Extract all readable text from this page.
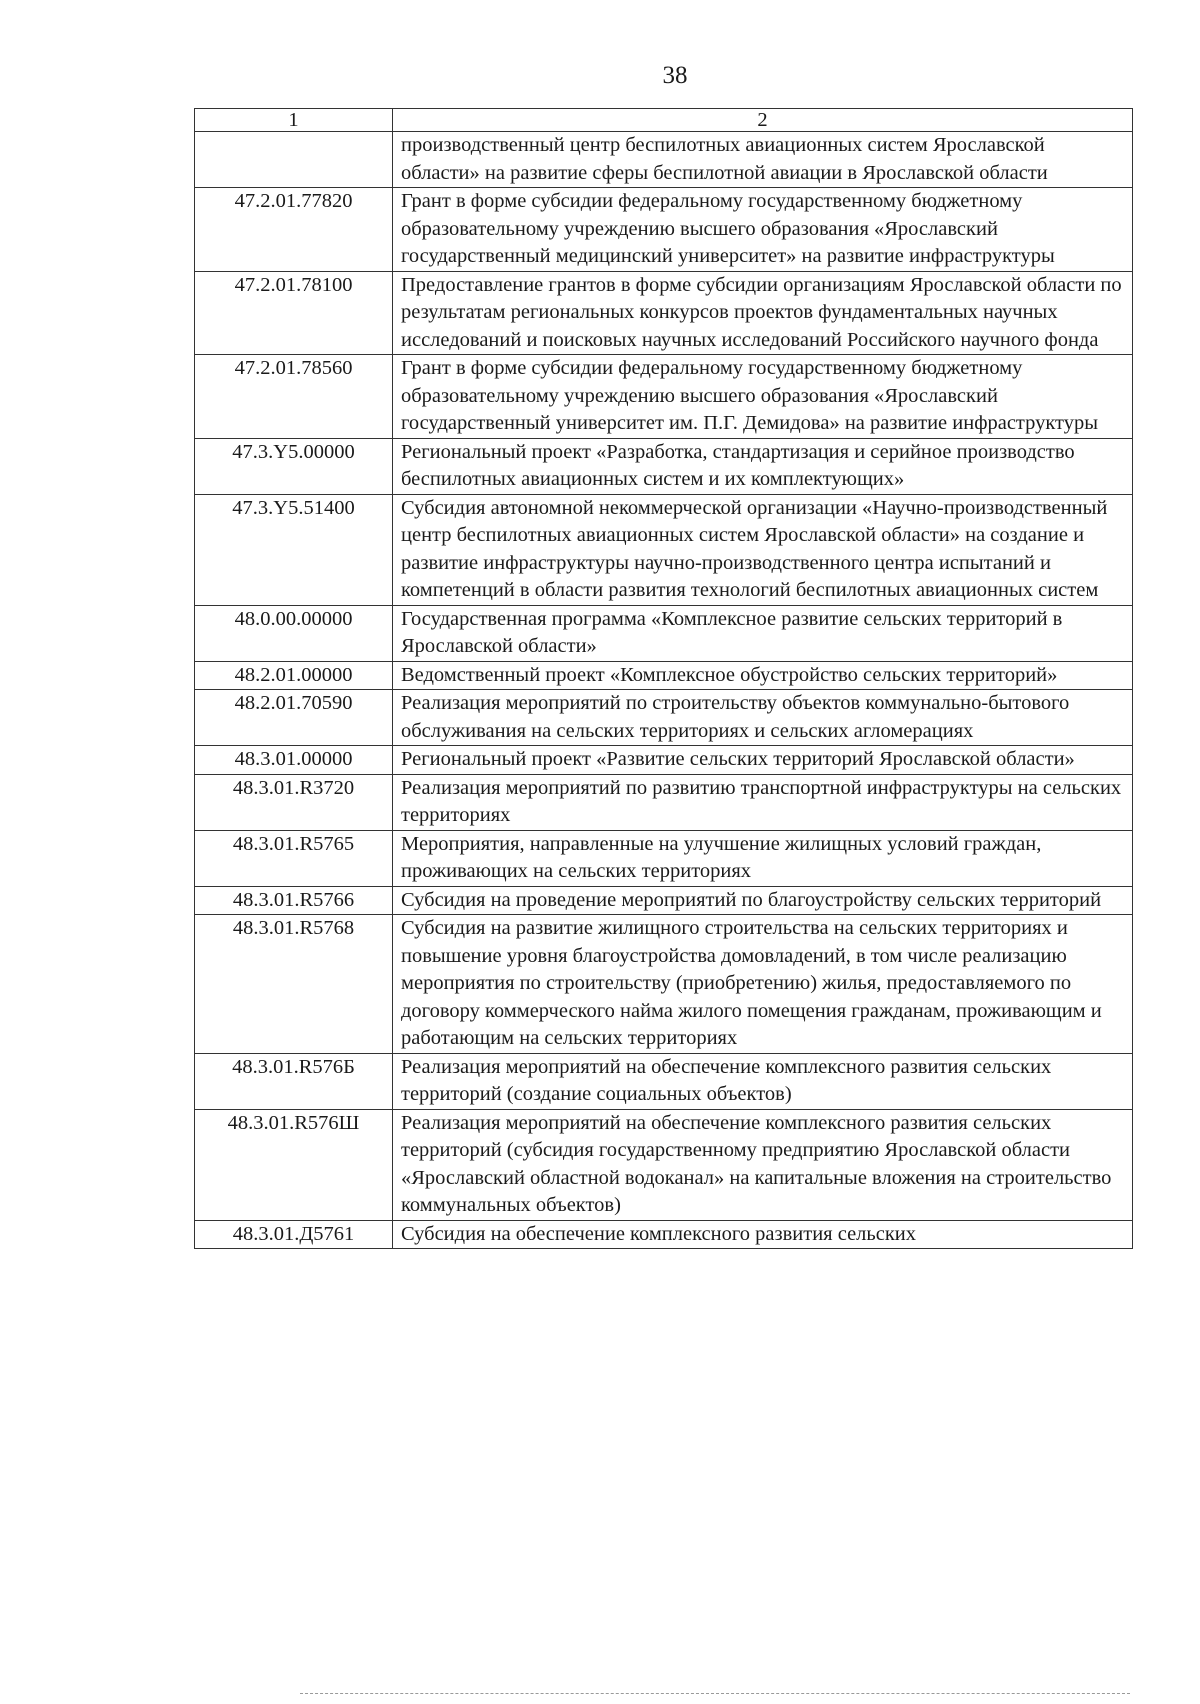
38
1	2
	производственный центр беспилотных авиационных систем Ярославской области» на развитие сферы беспилотной авиации в Ярославской области
47.2.01.77820	Грант в форме субсидии федеральному государственному бюджетному образовательному учреждению высшего образования «Ярославский государственный медицинский университет» на развитие инфраструктуры
47.2.01.78100	Предоставление грантов в форме субсидии организациям Ярославской области по результатам региональных конкурсов проектов фундаментальных научных исследований и поисковых научных исследований Российского научного фонда
47.2.01.78560	Грант в форме субсидии федеральному государственному бюджетному образовательному учреждению высшего образования «Ярославский государственный университет им. П.Г. Демидова» на развитие инфраструктуры
47.3.Y5.00000	Региональный проект «Разработка, стандартизация и серийное производство беспилотных авиационных систем и их комплектующих»
47.3.Y5.51400	Субсидия автономной некоммерческой организации «Научно-производственный центр беспилотных авиационных систем Ярославской области» на создание и развитие инфраструктуры научно-производственного центра испытаний и компетенций в области развития технологий беспилотных авиационных систем
48.0.00.00000	Государственная программа «Комплексное развитие сельских территорий в Ярославской области»
48.2.01.00000	Ведомственный проект «Комплексное обустройство сельских территорий»
48.2.01.70590	Реализация мероприятий по строительству объектов коммунально-бытового обслуживания на сельских территориях и сельских агломерациях
48.3.01.00000	Региональный проект «Развитие сельских территорий Ярославской области»
48.3.01.R3720	Реализация мероприятий по развитию транспортной инфраструктуры на сельских территориях
48.3.01.R5765	Мероприятия, направленные на улучшение жилищных условий граждан, проживающих на сельских территориях
48.3.01.R5766	Субсидия на проведение мероприятий по благоустройству сельских территорий
48.3.01.R5768	Субсидия на развитие жилищного строительства на сельских территориях и повышение уровня благоустройства домовладений, в том числе реализацию мероприятия по строительству (приобретению) жилья, предоставляемого по договору коммерческого найма жилого помещения гражданам, проживающим и работающим на сельских территориях
48.3.01.R576Б	Реализация мероприятий на обеспечение комплексного развития сельских территорий (создание социальных объектов)
48.3.01.R576Ш	Реализация мероприятий на обеспечение комплексного развития сельских территорий (субсидия государственному предприятию Ярославской области «Ярославский областной водоканал» на капитальные вложения на строительство коммунальных объектов)
48.3.01.Д5761	Субсидия на обеспечение комплексного развития сельских
